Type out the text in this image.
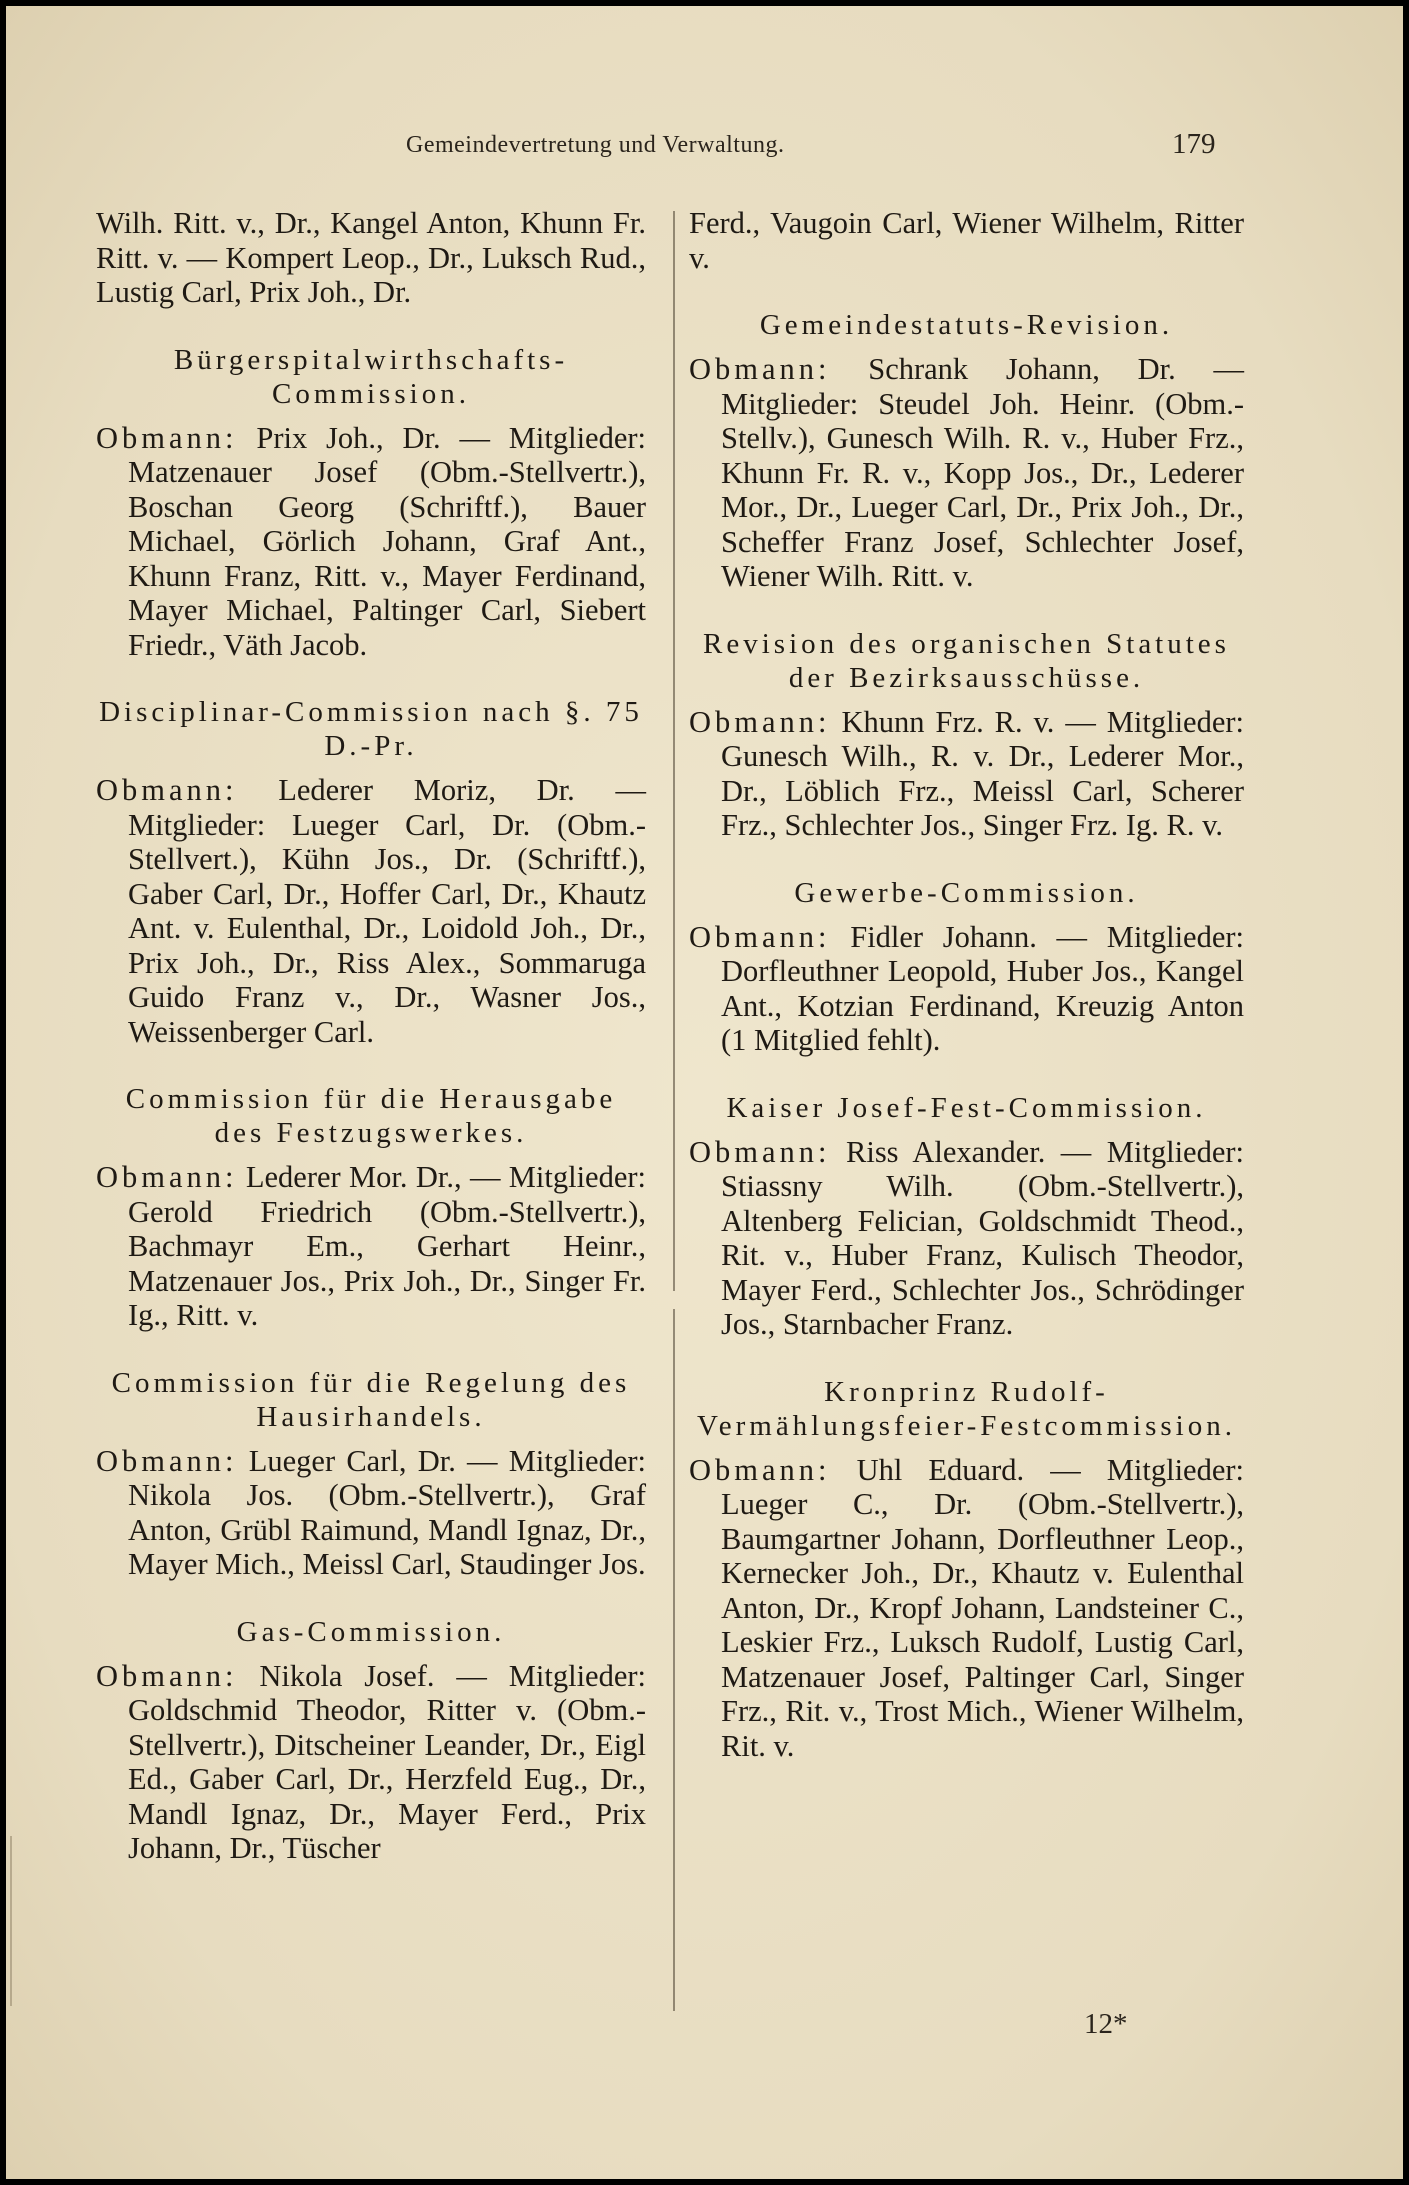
Gemeindevertretung und Verwaltung.	179

Wilh. Ritt. v., Dr., Kangel Anton, Khunn Fr. Ritt. v. — Kompert Leop., Dr., Luksch Rud., Lustig Carl, Prix Joh., Dr.

Bürgerspitalwirthschafts-Commission.

Obmann: Prix Joh., Dr. — Mitglieder: Matzenauer Josef (Obm.-Stellvertr.), Boschan Georg (Schriftf.), Bauer Michael, Görlich Johann, Graf Ant., Khunn Franz, Ritt. v., Mayer Ferdinand, Mayer Michael, Paltinger Carl, Siebert Friedr., Väth Jacob.

Disciplinar-Commission nach §. 75 D.-Pr.

Obmann: Lederer Moriz, Dr. — Mitglieder: Lueger Carl, Dr. (Obm.-Stellvert.), Kühn Jos., Dr. (Schriftf.), Gaber Carl, Dr., Hoffer Carl, Dr., Khautz Ant. v. Eulenthal, Dr., Loidold Joh., Dr., Prix Joh., Dr., Riss Alex., Sommaruga Guido Franz v., Dr., Wasner Jos., Weissenberger Carl.

Commission für die Herausgabe des Festzugswerkes.

Obmann: Lederer Mor. Dr., — Mitglieder: Gerold Friedrich (Obm.-Stellvertr.), Bachmayr Em., Gerhart Heinr., Matzenauer Jos., Prix Joh., Dr., Singer Fr. Ig., Ritt. v.

Commission für die Regelung des Hausirhandels.

Obmann: Lueger Carl, Dr. — Mitglieder: Nikola Jos. (Obm.-Stellvertr.), Graf Anton, Grübl Raimund, Mandl Ignaz, Dr., Mayer Mich., Meissl Carl, Staudinger Jos.

Gas-Commission.

Obmann: Nikola Josef. — Mitglieder: Goldschmid Theodor, Ritter v. (Obm.-Stellvertr.), Ditscheiner Leander, Dr., Eigl Ed., Gaber Carl, Dr., Herzfeld Eug., Dr., Mandl Ignaz, Dr., Mayer Ferd., Prix Johann, Dr., Tüscher

Ferd., Vaugoin Carl, Wiener Wilhelm, Ritter v.

Gemeindestatuts-Revision.

Obmann: Schrank Johann, Dr. — Mitglieder: Steudel Joh. Heinr. (Obm.-Stellv.), Gunesch Wilh. R. v., Huber Frz., Khunn Fr. R. v., Kopp Jos., Dr., Lederer Mor., Dr., Lueger Carl, Dr., Prix Joh., Dr., Scheffer Franz Josef, Schlechter Josef, Wiener Wilh. Ritt. v.

Revision des organischen Statutes der Bezirksausschüsse.

Obmann: Khunn Frz. R. v. — Mitglieder: Gunesch Wilh., R. v. Dr., Lederer Mor., Dr., Löblich Frz., Meissl Carl, Scherer Frz., Schlechter Jos., Singer Frz. Ig. R. v.

Gewerbe-Commission.

Obmann: Fidler Johann. — Mitglieder: Dorfleuthner Leopold, Huber Jos., Kangel Ant., Kotzian Ferdinand, Kreuzig Anton (1 Mitglied fehlt).

Kaiser Josef-Fest-Commission.

Obmann: Riss Alexander. — Mitglieder: Stiassny Wilh. (Obm.-Stellvertr.), Altenberg Felician, Goldschmidt Theod., Rit. v., Huber Franz, Kulisch Theodor, Mayer Ferd., Schlechter Jos., Schrödinger Jos., Starnbacher Franz.

Kronprinz Rudolf-Vermählungsfeier-Festcommission.

Obmann: Uhl Eduard. — Mitglieder: Lueger C., Dr. (Obm.-Stellvertr.), Baumgartner Johann, Dorfleuthner Leop., Kernecker Joh., Dr., Khautz v. Eulenthal Anton, Dr., Kropf Johann, Landsteiner C., Leskier Frz., Luksch Rudolf, Lustig Carl, Matzenauer Josef, Paltinger Carl, Singer Frz., Rit. v., Trost Mich., Wiener Wilhelm, Rit. v.

12*
